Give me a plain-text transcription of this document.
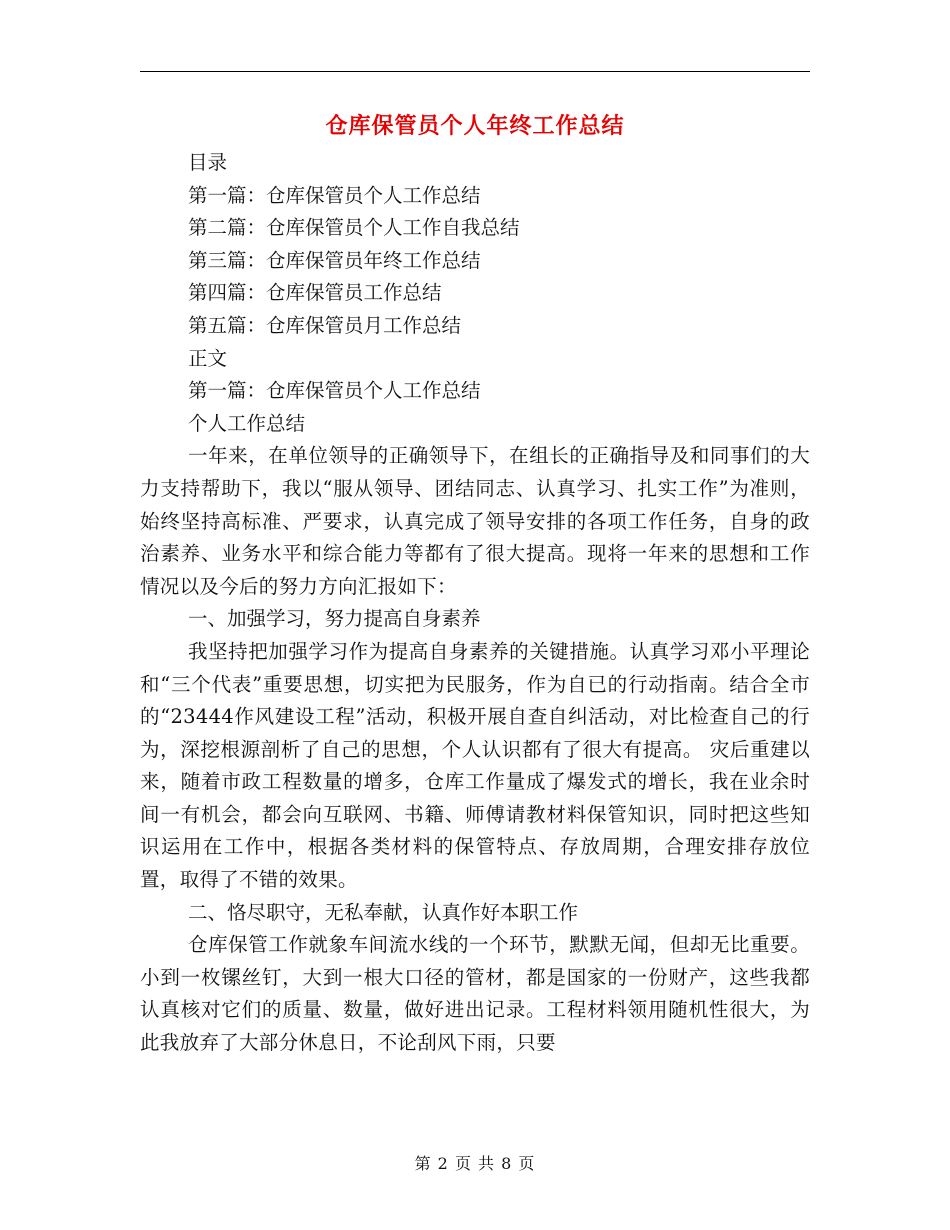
仓库保管员个人年终工作总结

目录

第一篇：仓库保管员个人工作总结

第二篇：仓库保管员个人工作自我总结

第三篇：仓库保管员年终工作总结

第四篇：仓库保管员工作总结

第五篇：仓库保管员月工作总结

正文

第一篇：仓库保管员个人工作总结

个人工作总结

一年来，在单位领导的正确领导下，在组长的正确指导及和同事们的大力支持帮助下，我以“服从领导、团结同志、认真学习、扎实工作”为准则，始终坚持高标准、严要求，认真完成了领导安排的各项工作任务，自身的政治素养、业务水平和综合能力等都有了很大提高。现将一年来的思想和工作情况以及今后的努力方向汇报如下：

一、加强学习，努力提高自身素养

我坚持把加强学习作为提高自身素养的关键措施。认真学习邓小平理论和“三个代表”重要思想，切实把为民服务，作为自已的行动指南。结合全市的“23444作风建设工程”活动，积极开展自查自纠活动，对比检查自己的行为，深挖根源剖析了自己的思想，个人认识都有了很大有提高。 灾后重建以来，随着市政工程数量的增多，仓库工作量成了爆发式的增长，我在业余时间一有机会，都会向互联网、书籍、师傅请教材料保管知识，同时把这些知识运用在工作中，根据各类材料的保管特点、存放周期，合理安排存放位置，取得了不错的效果。

二、恪尽职守，无私奉献，认真作好本职工作

仓库保管工作就象车间流水线的一个环节，默默无闻，但却无比重要。小到一枚镙丝钉，大到一根大口径的管材，都是国家的一份财产，这些我都认真核对它们的质量、数量，做好进出记录。工程材料领用随机性很大，为此我放弃了大部分休息日，不论刮风下雨，只要

第 2 页 共 8 页
